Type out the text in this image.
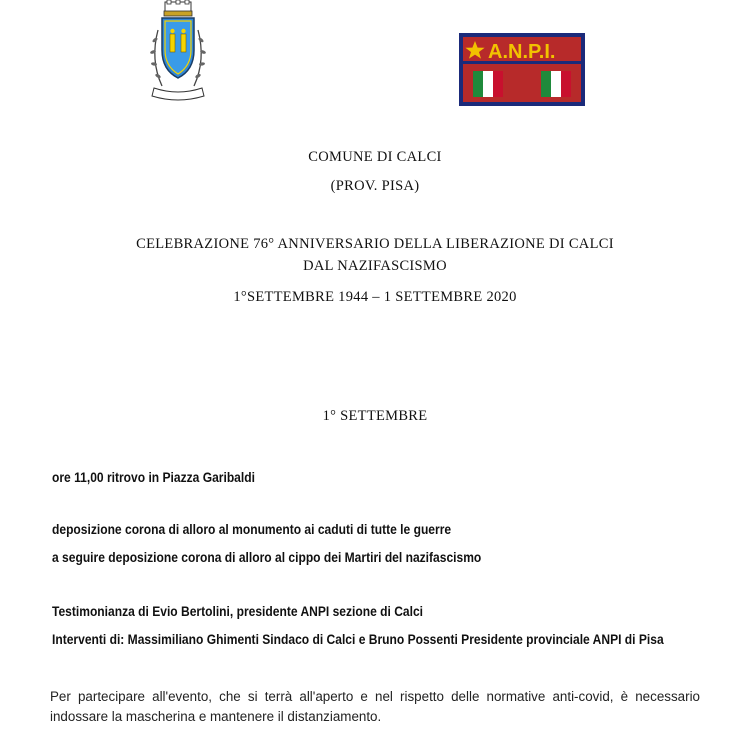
A.N.P.I.
COMUNE DI CALCI
(PROV. PISA)
CELEBRAZIONE 76° ANNIVERSARIO DELLA LIBERAZIONE DI CALCI
DAL NAZIFASCISMO
1°SETTEMBRE 1944 – 1 SETTEMBRE 2020
1° SETTEMBRE
ore 11,00 ritrovo in Piazza Garibaldi
deposizione corona di alloro al monumento ai caduti di tutte le guerre
a seguire deposizione corona di alloro al cippo dei Martiri del nazifascismo
Testimonianza di Evio Bertolini, presidente ANPI sezione di Calci
Interventi di: Massimiliano Ghimenti Sindaco di Calci e Bruno Possenti Presidente provinciale ANPI di Pisa
Per partecipare all'evento, che si terrà all'aperto e nel rispetto delle normative anti-covid, è necessario indossare la mascherina e mantenere il distanziamento.
